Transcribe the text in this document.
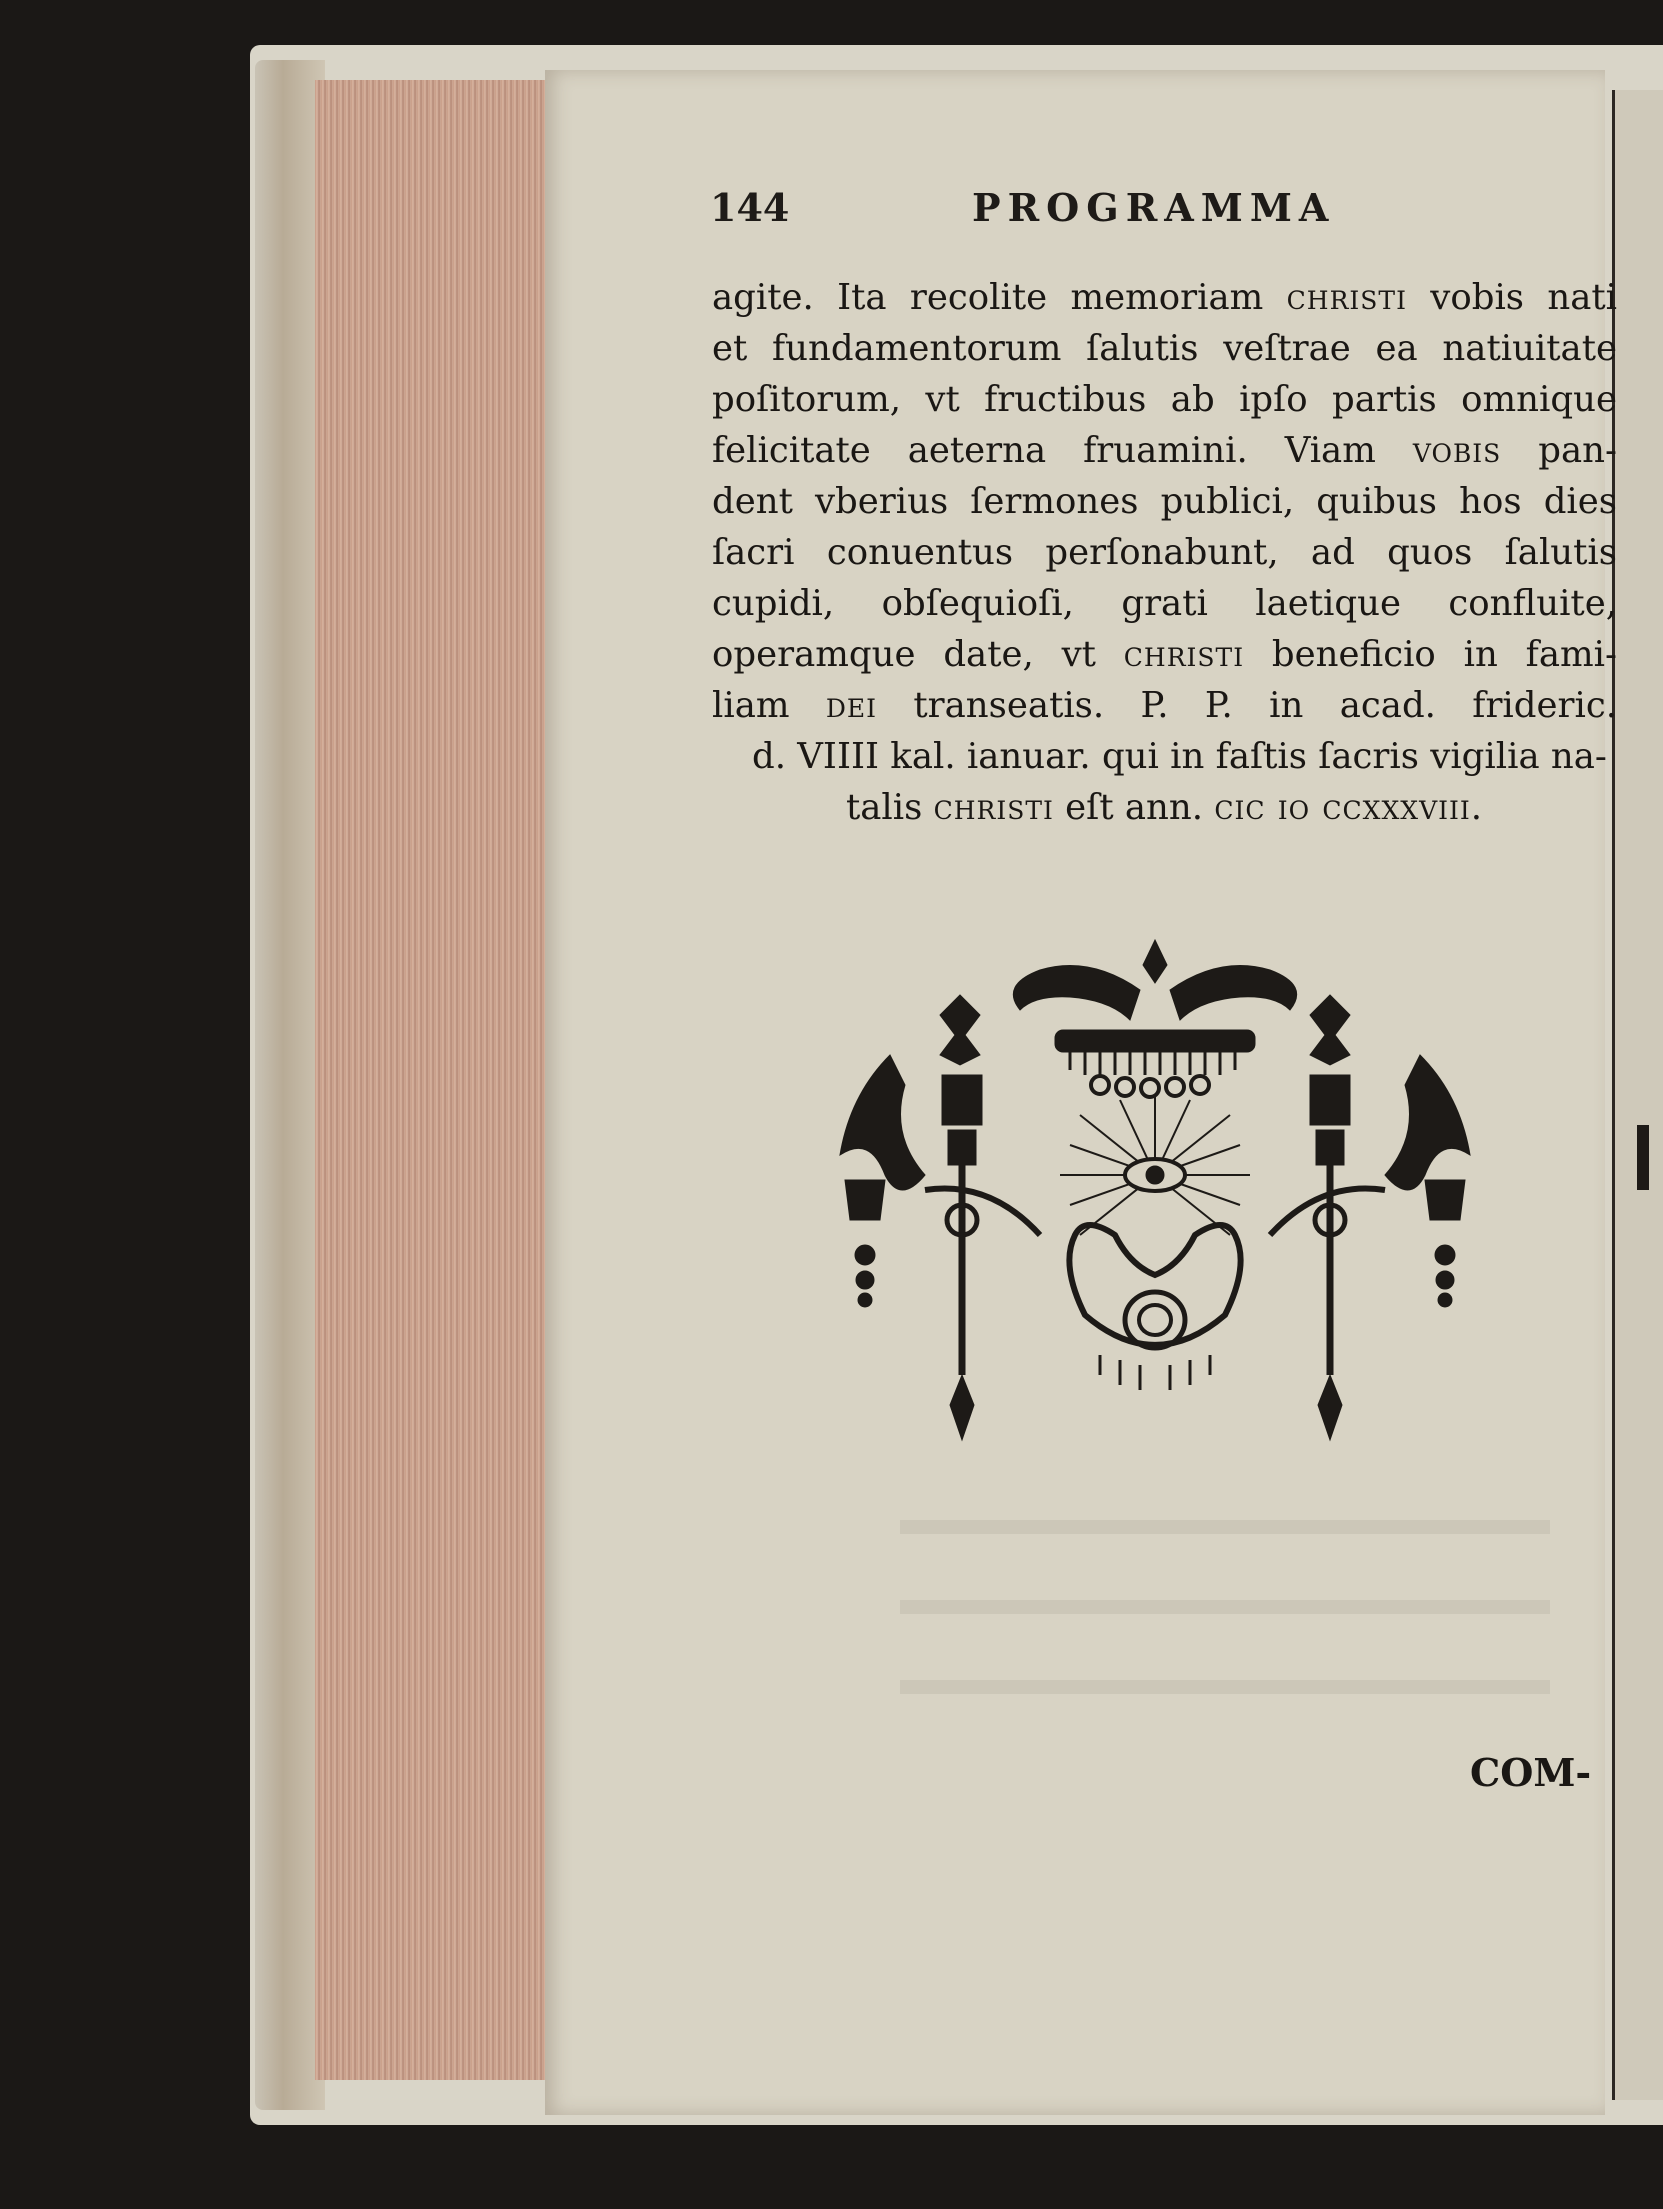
144	PROGRAMMA
agite. Ita recolite memoriam christi vobis nati
et fundamentorum ſalutis veſtrae ea natiuitate
poſitorum, vt fructibus ab ipſo partis omnique
felicitate aeterna fruamini. Viam vobis pan-
dent vberius ſermones publici, quibus hos dies
ſacri conuentus perſonabunt, ad quos ſalutis
cupidi, obſequioſi, grati laetique confluite,
operamque date, vt christi beneficio in fami-
liam dei transeatis. P. P. in acad. frideric.
d. VIIII kal. ianuar. qui in faſtis ſacris vigilia na-
talis christi eſt ann. cic io ccxxxviii.
COM-
